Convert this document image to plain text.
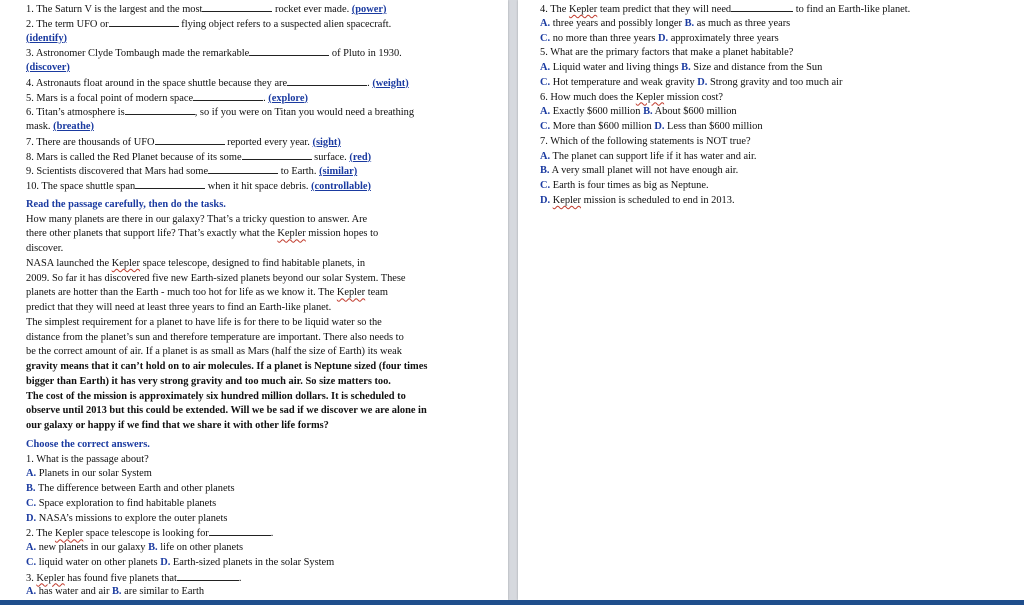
1. The Saturn V is the largest and the most	rocket ever made. (power)
2. The term UFO or	flying object refers to a suspected alien spacecraft.
(identify)
3. Astronomer Clyde Tombaugh made the remarkable	of Pluto in 1930.
(discover)
4. Astronauts float around in the space shuttle because they are	. (weight)
5. Mars is a focal point of modern space	. (explore)
6. Titan’s atmosphere is	, so if you were on Titan you would need a breathing
mask. (breathe)
7. There are thousands of UFO	reported every year. (sight)
8. Mars is called the Red Planet because of its some	surface. (red)
9. Scientists discovered that Mars had some	to Earth. (similar)
10. The space shuttle span	when it hit space debris. (controllable)
Read the passage carefully, then do the tasks.
How many planets are there in our galaxy? That’s a tricky question to answer. Are
there other planets that support life? That’s exactly what the Kepler mission hopes to
discover.
NASA launched the Kepler space telescope, designed to find habitable planets, in
2009. So far it has discovered five new Earth-sized planets beyond our solar System. These
planets are hotter than the Earth - much too hot for life as we know it. The Kepler team
predict that they will need at least three years to find an Earth-like planet.
The simplest requirement for a planet to have life is for there to be liquid water so the
distance from the planet’s sun and therefore temperature are important. There also needs to
be the correct amount of air. If a planet is as small as Mars (half the size of Earth) its weak
gravity means that it can’t hold on to air molecules. If a planet is Neptune sized (four times
bigger than Earth) it has very strong gravity and too much air. So size matters too.
The cost of the mission is approximately six hundred million dollars. It is scheduled to
observe until 2013 but this could be extended. Will we be sad if we discover we are alone in
our galaxy or happy if we find that we share it with other life forms?
Choose the correct answers.
1. What is the passage about?
A. Planets in our solar System
B. The difference between Earth and other planets
C. Space exploration to find habitable planets
D. NASA’s missions to explore the outer planets
2. The Kepler space telescope is looking for	.
A. new planets in our galaxy B. life on other planets
C. liquid water on other planets D. Earth-sized planets in the solar System
3. Kepler has found five planets that	.
A. has water and air B. are similar to Earth
4. The Kepler team predict that they will need	to find an Earth-like planet.
A. three years and possibly longer B. as much as three years
C. no more than three years D. approximately three years
5. What are the primary factors that make a planet habitable?
A. Liquid water and living things B. Size and distance from the Sun
C. Hot temperature and weak gravity D. Strong gravity and too much air
6. How much does the Kepler mission cost?
A. Exactly $600 million B. About $600 million
C. More than $600 million D. Less than $600 million
7. Which of the following statements is NOT true?
A. The planet can support life if it has water and air.
B. A very small planet will not have enough air.
C. Earth is four times as big as Neptune.
D. Kepler mission is scheduled to end in 2013.
